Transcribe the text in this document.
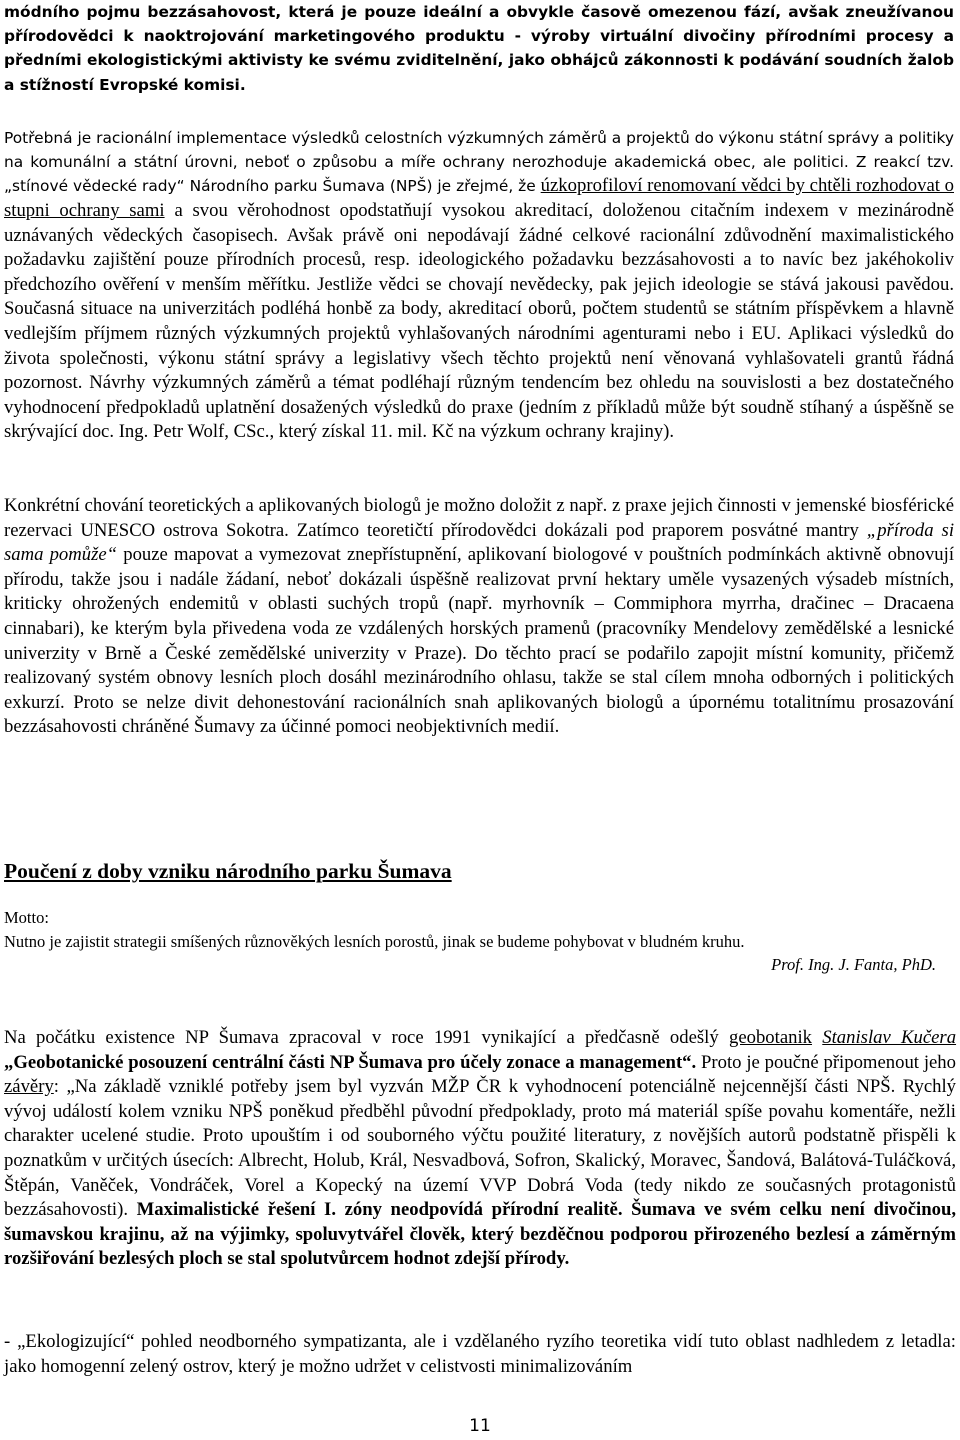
módního pojmu bezzásahovost, která je pouze ideální a obvykle časově omezenou fází, avšak zneužívanou přírodovědci k naoktrojování marketingového produktu - výroby virtuální divočiny přírodními procesy a předními ekologistickými aktivisty ke svému zviditelnění, jako obhájců zákonnosti k podávání soudních žalob a stížností Evropské komisi.

Potřebná je racionální implementace výsledků celostních výzkumných záměrů a projektů do výkonu státní správy a politiky na komunální a státní úrovni, neboť o způsobu a míře ochrany nerozhoduje akademická obec, ale politici. Z reakcí tzv. „stínové vědecké rady“ Národního parku Šumava (NPŠ) je zřejmé, že úzkoprofiloví renomovaní vědci by chtěli rozhodovat o stupni ochrany sami a svou věrohodnost opodstatňují vysokou akreditací, doloženou citačním indexem v mezinárodně uznávaných vědeckých časopisech. Avšak právě oni nepodávají žádné celkové racionální zdůvodnění maximalistického požadavku zajištění pouze přírodních procesů, resp. ideologického požadavku bezzásahovosti a to navíc bez jakéhokoliv předchozího ověření v menším měřítku. Jestliže vědci se chovají nevědecky, pak jejich ideologie se stává jakousi pavědou. Současná situace na univerzitách podléhá honbě za body, akreditací oborů, počtem studentů se státním příspěvkem a hlavně vedlejším příjmem různých výzkumných projektů vyhlašovaných národními agenturami nebo i EU. Aplikaci výsledků do života společnosti, výkonu státní správy a legislativy všech těchto projektů není věnovaná vyhlašovateli grantů řádná pozornost. Návrhy výzkumných záměrů a témat podléhají různým tendencím bez ohledu na souvislosti a bez dostatečného vyhodnocení předpokladů uplatnění dosažených výsledků do praxe (jedním z příkladů může být soudně stíhaný a úspěšně se skrývající doc. Ing. Petr Wolf, CSc., který získal 11. mil. Kč na výzkum ochrany krajiny).

Konkrétní chování teoretických a aplikovaných biologů je možno doložit z např. z praxe jejich činnosti v jemenské biosférické rezervaci UNESCO ostrova Sokotra. Zatímco teoretičtí přírodovědci dokázali pod praporem posvátné mantry „příroda si sama pomůže“ pouze mapovat a vymezovat znepřístupnění, aplikovaní biologové v pouštních podmínkách aktivně obnovují přírodu, takže jsou i nadále žádaní, neboť dokázali úspěšně realizovat první hektary uměle vysazených výsadeb místních, kriticky ohrožených endemitů v oblasti suchých tropů (např. myrhovník – Commiphora myrrha, dračinec – Dracaena cinnabari), ke kterým byla přivedena voda ze vzdálených horských pramenů (pracovníky Mendelovy zemědělské a lesnické univerzity v Brně a České zemědělské univerzity v Praze). Do těchto prací se podařilo zapojit místní komunity, přičemž realizovaný systém obnovy lesních ploch dosáhl mezinárodního ohlasu, takže se stal cílem mnoha odborných i politických exkurzí. Proto se nelze divit dehonestování racionálních snah aplikovaných biologů a úpornému totalitnímu prosazování bezzásahovosti chráněné Šumavy za účinné pomoci neobjektivních medií.

Poučení z doby vzniku národního parku Šumava
Motto:
Nutno je zajistit strategii smíšených různověkých lesních porostů, jinak se budeme pohybovat v bludném kruhu.
Prof. Ing. J. Fanta, PhD.

Na počátku existence NP Šumava zpracoval v roce 1991 vynikající a předčasně odešlý geobotanik Stanislav Kučera „Geobotanické posouzení centrální části NP Šumava pro účely zonace a management“. Proto je poučné připomenout jeho závěry: „Na základě vzniklé potřeby jsem byl vyzván MŽP ČR k vyhodnocení potenciálně nejcennější části NPŠ. Rychlý vývoj událostí kolem vzniku NPŠ poněkud předběhl původní předpoklady, proto má materiál spíše povahu komentáře, nežli charakter ucelené studie. Proto upouštím i od souborného výčtu použité literatury, z novějších autorů podstatně přispěli k poznatkům v určitých úsecích: Albrecht, Holub, Král, Nesvadbová, Sofron, Skalický, Moravec, Šandová, Balátová-Tuláčková, Štěpán, Vaněček, Vondráček, Vorel a Kopecký na území VVP Dobrá Voda (tedy nikdo ze současných protagonistů bezzásahovosti). Maximalistické řešení I. zóny neodpovídá přírodní realitě. Šumava ve svém celku není divočinou, šumavskou krajinu, až na výjimky, spoluvytvářel člověk, který bezděčnou podporou přirozeného bezlesí a záměrným rozšiřování bezlesých ploch se stal spolutvůrcem hodnot zdejší přírody.

- „Ekologizující“ pohled neodborného sympatizanta, ale i vzdělaného ryzího teoretika vidí tuto oblast nadhledem z letadla: jako homogenní zelený ostrov, který je možno udržet v celistvosti minimalizováním

11
